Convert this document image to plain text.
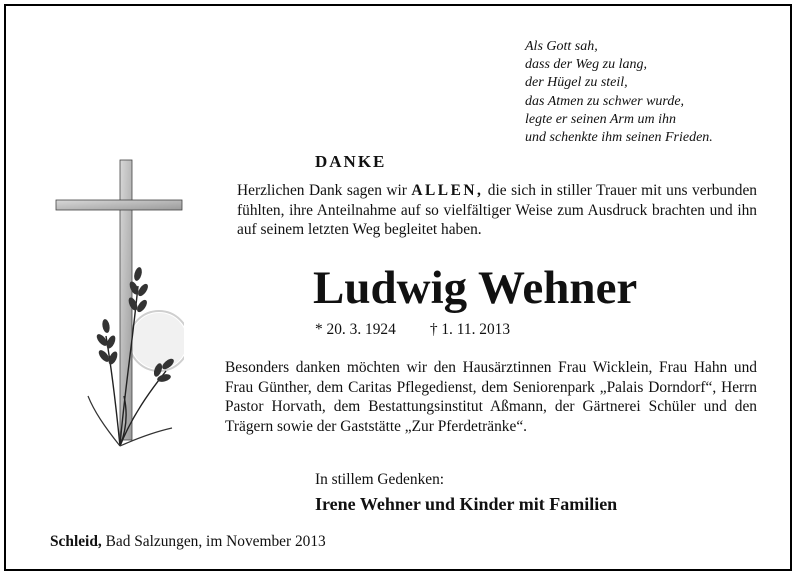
Als Gott sah,
dass der Weg zu lang,
der Hügel zu steil,
das Atmen zu schwer wurde,
legte er seinen Arm um ihn
und schenkte ihm seinen Frieden.
DANKE
Herzlichen Dank sagen wir ALLEN, die sich in stiller Trauer mit uns verbunden fühlten, ihre Anteilnahme auf so vielfältiger Weise zum Ausdruck brachten und ihn auf seinem letzten Weg begleitet haben.
Ludwig Wehner
* 20. 3. 1924 † 1. 11. 2013
Besonders danken möchten wir den Hausärztinnen Frau Wicklein, Frau Hahn und Frau Günther, dem Caritas Pflegedienst, dem Seniorenpark „Palais Dorndorf“, Herrn Pastor Horvath, dem Bestattungsinstitut Aßmann, der Gärtnerei Schüler und den Trägern sowie der Gaststätte „Zur Pferdetränke“.
In stillem Gedenken:
Irene Wehner und Kinder mit Familien
Schleid, Bad Salzungen, im November 2013
